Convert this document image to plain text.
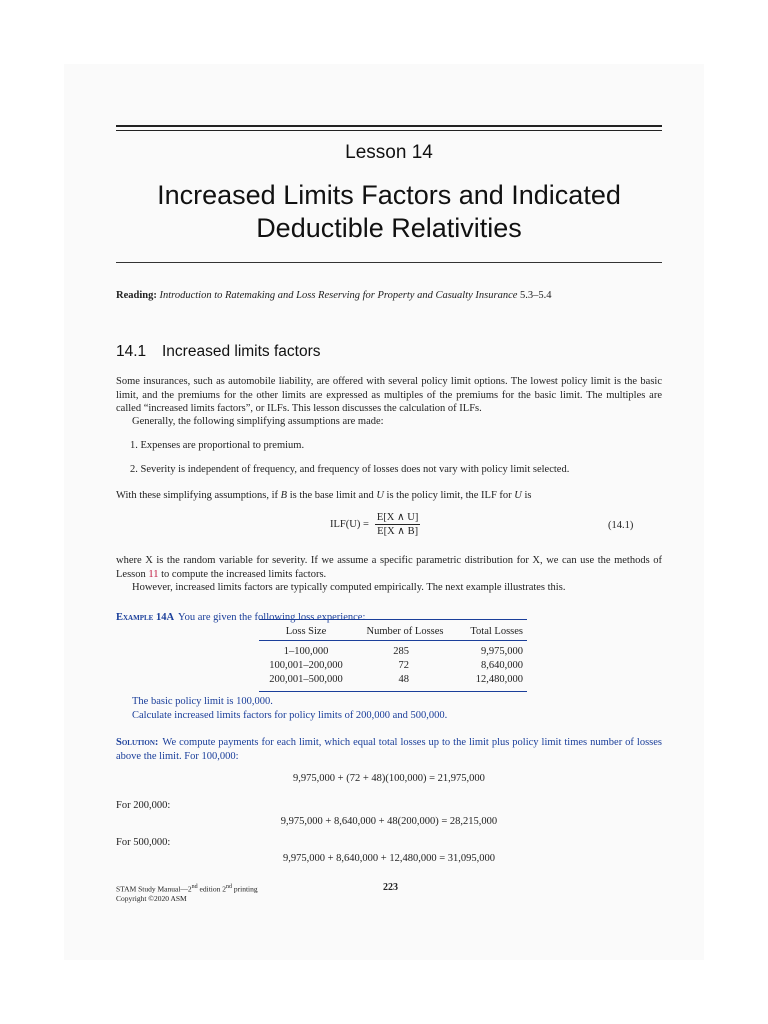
Lesson 14
Increased Limits Factors and Indicated
Deductible Relativities
Reading: Introduction to Ratemaking and Loss Reserving for Property and Casualty Insurance 5.3–5.4
14.1 Increased limits factors
Some insurances, such as automobile liability, are offered with several policy limit options. The lowest policy limit is the basic limit, and the premiums for the other limits are expressed as multiples of the premiums for the basic limit. The multiples are called “increased limits factors”, or ILFs. This lesson discusses the calculation of ILFs.
Generally, the following simplifying assumptions are made:
1. Expenses are proportional to premium.
2. Severity is independent of frequency, and frequency of losses does not vary with policy limit selected.
With these simplifying assumptions, if B is the base limit and U is the policy limit, the ILF for U is
$ILF(U) = \frac{E[X \wedge U]}{E[X \wedge B]}$	(14.1)
where X is the random variable for severity. If we assume a specific parametric distribution for X, we can use the methods of Lesson 11 to compute the increased limits factors.
However, increased limits factors are typically computed empirically. The next example illustrates this.
Example 14A You are given the following loss experience:
Loss Size	Number of Losses	Total Losses
1–100,000	285	9,975,000
100,001–200,000	72	8,640,000
200,001–500,000	48	12,480,000
The basic policy limit is 100,000.
Calculate increased limits factors for policy limits of 200,000 and 500,000.
Solution: We compute payments for each limit, which equal total losses up to the limit plus policy limit times number of losses above the limit. For 100,000:
9,975,000 + (72 + 48)(100,000) = 21,975,000
For 200,000:
9,975,000 + 8,640,000 + 48(200,000) = 28,215,000
For 500,000:
9,975,000 + 8,640,000 + 12,480,000 = 31,095,000
STAM Study Manual—2nd edition 2nd printing
Copyright ©2020 ASM
223
